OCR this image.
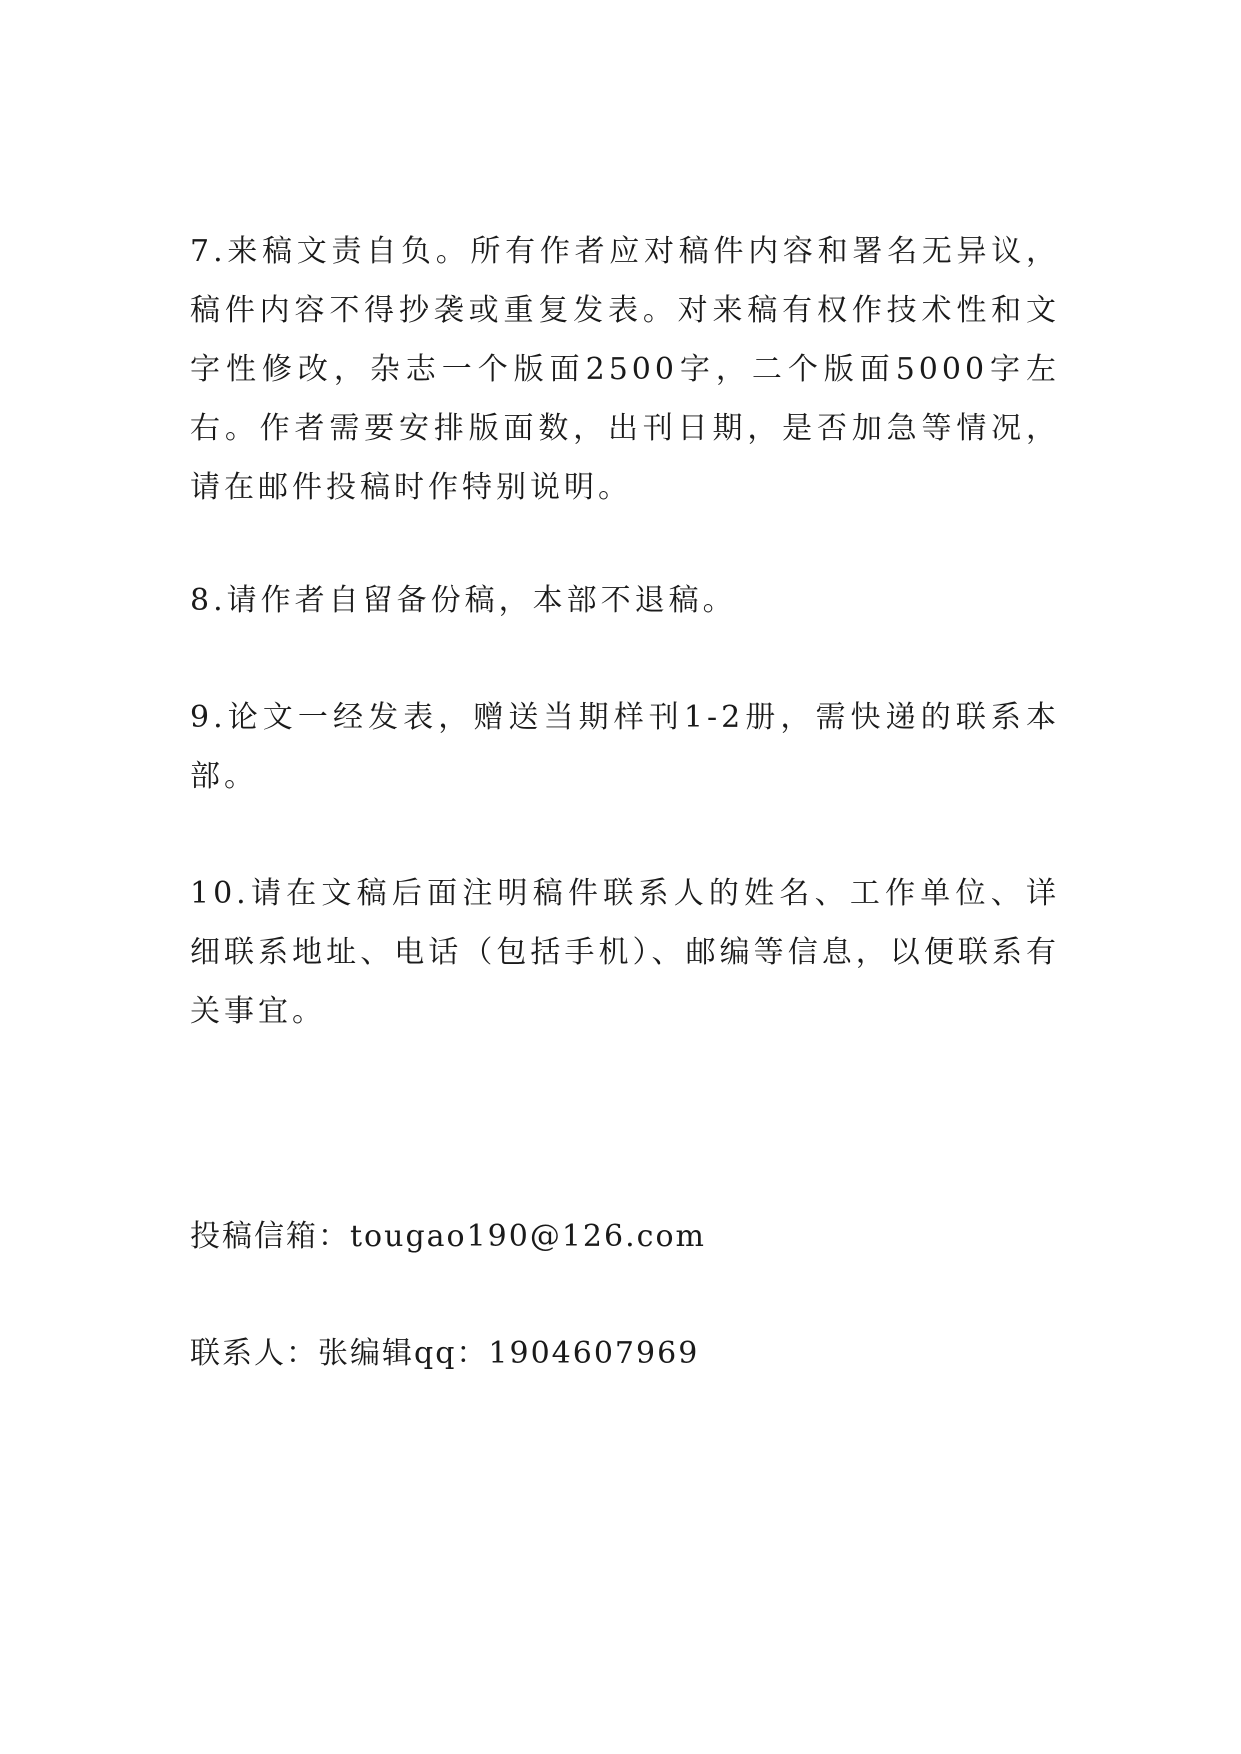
7.来稿文责自负。所有作者应对稿件内容和署名无异议，稿件内容不得抄袭或重复发表。对来稿有权作技术性和文字性修改，杂志一个版面2500字，二个版面5000字左右。作者需要安排版面数，出刊日期，是否加急等情况，请在邮件投稿时作特别说明。

8.请作者自留备份稿，本部不退稿。

9.论文一经发表，赠送当期样刊1-2册，需快递的联系本部。

10.请在文稿后面注明稿件联系人的姓名、工作单位、详细联系地址、电话（包括手机）、邮编等信息，以便联系有关事宜。

投稿信箱：tougao190@126.com

联系人：张编辑qq：1904607969
